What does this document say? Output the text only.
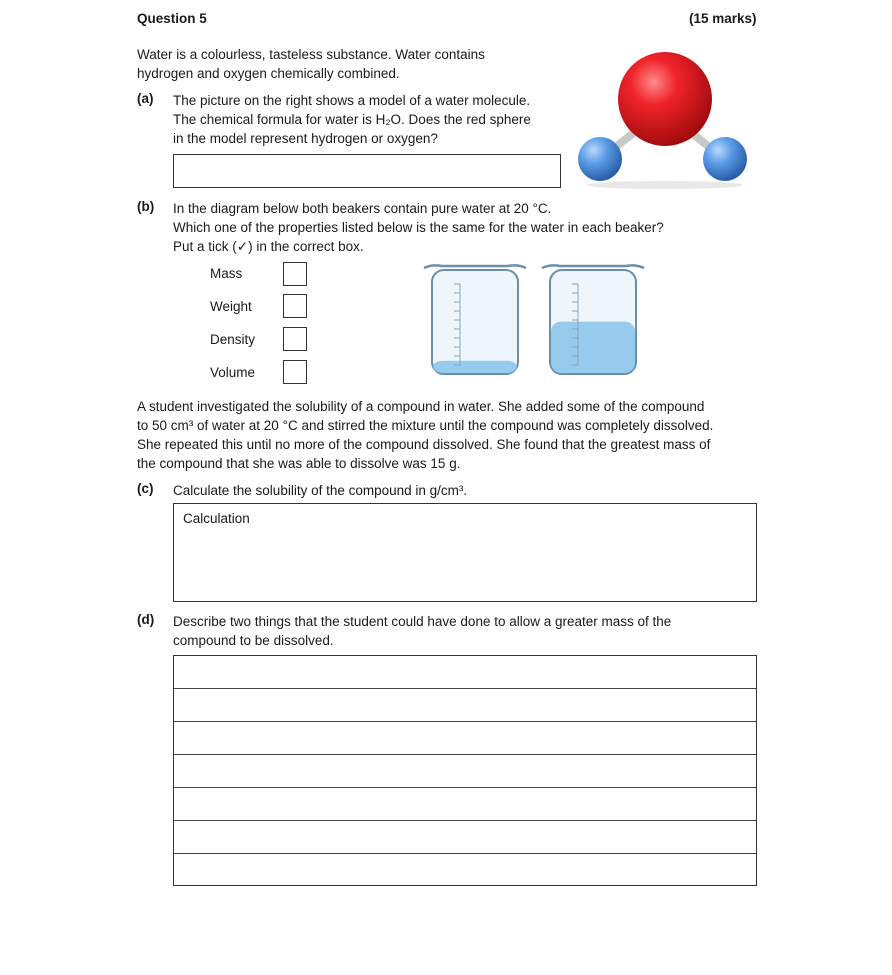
Question 5	(15 marks)
Water is a colourless, tasteless substance. Water contains
hydrogen and oxygen chemically combined.
(a) The picture on the right shows a model of a water molecule.
The chemical formula for water is H₂O. Does the red sphere
in the model represent hydrogen or oxygen?
(b) In the diagram below both beakers contain pure water at 20 °C.
Which one of the properties listed below is the same for the water in each beaker?
Put a tick (✓) in the correct box.
Mass
Weight
Density
Volume
A student investigated the solubility of a compound in water. She added some of the compound
to 50 cm³ of water at 20 °C and stirred the mixture until the compound was completely dissolved.
She repeated this until no more of the compound dissolved. She found that the greatest mass of
the compound that she was able to dissolve was 15 g.
(c) Calculate the solubility of the compound in g/cm³.
Calculation
(d) Describe two things that the student could have done to allow a greater mass of the
compound to be dissolved.
